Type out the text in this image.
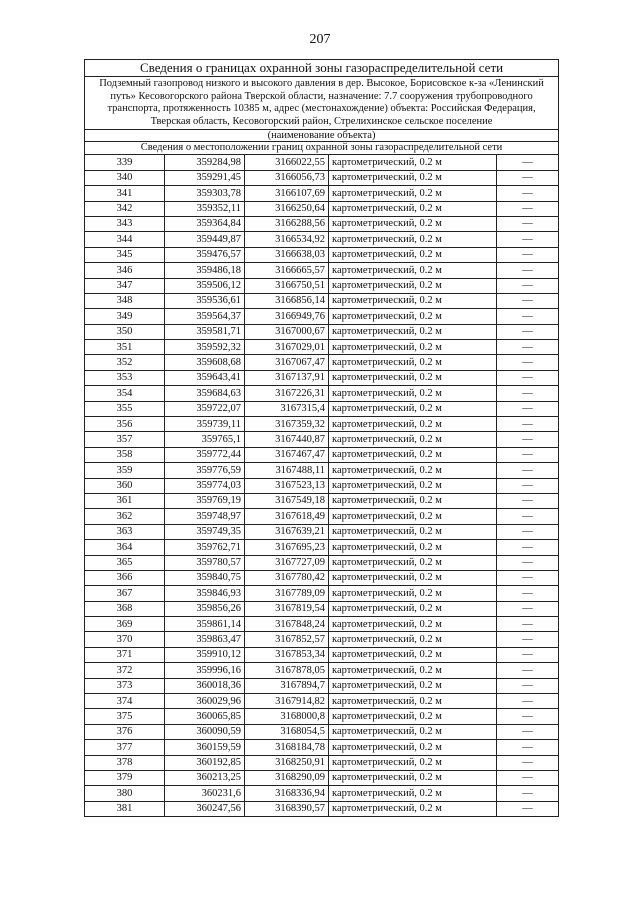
207
Сведения о границах охранной зоны газораспределительной сети				
Подземный газопровод низкого и высокого давления в дер. Высокое, Борисовское к-за «Ленинский путь» Кесовогорского района Тверской области, назначение: 7.7 сооружения трубопроводного транспорта, протяженность 10385 м, адрес (местонахождение) объекта: Российская Федерация, Тверская область, Кесовогорский район, Стрелихинское сельское поселение				
(наименование объекта)				
Сведения о местоположении границ охранной зоны газораспределительной сети				
339	359284,98	3166022,55	картометрический, 0.2 м	—
340	359291,45	3166056,73	картометрический, 0.2 м	—
341	359303,78	3166107,69	картометрический, 0.2 м	—
342	359352,11	3166250,64	картометрический, 0.2 м	—
343	359364,84	3166288,56	картометрический, 0.2 м	—
344	359449,87	3166534,92	картометрический, 0.2 м	—
345	359476,57	3166638,03	картометрический, 0.2 м	—
346	359486,18	3166665,57	картометрический, 0.2 м	—
347	359506,12	3166750,51	картометрический, 0.2 м	—
348	359536,61	3166856,14	картометрический, 0.2 м	—
349	359564,37	3166949,76	картометрический, 0.2 м	—
350	359581,71	3167000,67	картометрический, 0.2 м	—
351	359592,32	3167029,01	картометрический, 0.2 м	—
352	359608,68	3167067,47	картометрический, 0.2 м	—
353	359643,41	3167137,91	картометрический, 0.2 м	—
354	359684,63	3167226,31	картометрический, 0.2 м	—
355	359722,07	3167315,4	картометрический, 0.2 м	—
356	359739,11	3167359,32	картометрический, 0.2 м	—
357	359765,1	3167440,87	картометрический, 0.2 м	—
358	359772,44	3167467,47	картометрический, 0.2 м	—
359	359776,59	3167488,11	картометрический, 0.2 м	—
360	359774,03	3167523,13	картометрический, 0.2 м	—
361	359769,19	3167549,18	картометрический, 0.2 м	—
362	359748,97	3167618,49	картометрический, 0.2 м	—
363	359749,35	3167639,21	картометрический, 0.2 м	—
364	359762,71	3167695,23	картометрический, 0.2 м	—
365	359780,57	3167727,09	картометрический, 0.2 м	—
366	359840,75	3167780,42	картометрический, 0.2 м	—
367	359846,93	3167789,09	картометрический, 0.2 м	—
368	359856,26	3167819,54	картометрический, 0.2 м	—
369	359861,14	3167848,24	картометрический, 0.2 м	—
370	359863,47	3167852,57	картометрический, 0.2 м	—
371	359910,12	3167853,34	картометрический, 0.2 м	—
372	359996,16	3167878,05	картометрический, 0.2 м	—
373	360018,36	3167894,7	картометрический, 0.2 м	—
374	360029,96	3167914,82	картометрический, 0.2 м	—
375	360065,85	3168000,8	картометрический, 0.2 м	—
376	360090,59	3168054,5	картометрический, 0.2 м	—
377	360159,59	3168184,78	картометрический, 0.2 м	—
378	360192,85	3168250,91	картометрический, 0.2 м	—
379	360213,25	3168290,09	картометрический, 0.2 м	—
380	360231,6	3168336,94	картометрический, 0.2 м	—
381	360247,56	3168390,57	картометрический, 0.2 м	—
